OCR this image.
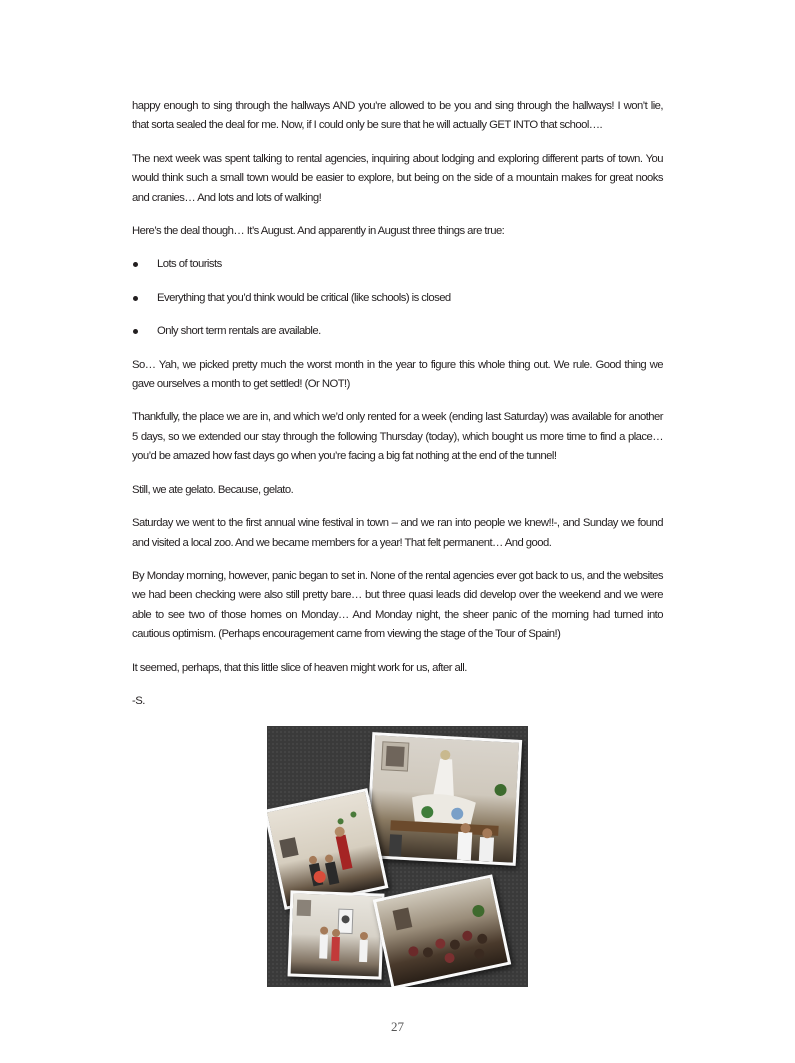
happy enough to sing through the hallways AND you’re allowed to be you and sing through the hallways! I won’t lie, that sorta sealed the deal for me. Now, if I could only be sure that he will actually GET INTO that school….

The next week was spent talking to rental agencies, inquiring about lodging and exploring different parts of town. You would think such a small town would be easier to explore, but being on the side of a mountain makes for great nooks and cranies… And lots and lots of walking!

Here’s the deal though… It’s August. And apparently in August three things are true:

Lots of tourists
Everything that you’d think would be critical (like schools) is closed
Only short term rentals are available.

So… Yah, we picked pretty much the worst month in the year to figure this whole thing out. We rule. Good thing we gave ourselves a month to get settled! (Or NOT!)

Thankfully, the place we are in, and which we’d only rented for a week (ending last Saturday) was available for another 5 days, so we extended our stay through the following Thursday (today), which bought us more time to find a place…you’d be amazed how fast days go when you’re facing a big fat nothing at the end of the tunnel!

Still, we ate gelato. Because, gelato.

Saturday we went to the first annual wine festival in town – and we ran into people we knew!!-, and Sunday we found and visited a local zoo. And we became members for a year! That felt permanent… And good.

By Monday morning, however, panic began to set in. None of the rental agencies ever got back to us, and the websites we had been checking were also still pretty bare… but three quasi leads did develop over the weekend and we were able to see two of those homes on Monday… And Monday night, the sheer panic of the morning had turned into cautious optimism. (Perhaps encouragement came from viewing the stage of the Tour of Spain!)

It seemed, perhaps, that this little slice of heaven might work for us, after all.

-S.

27
